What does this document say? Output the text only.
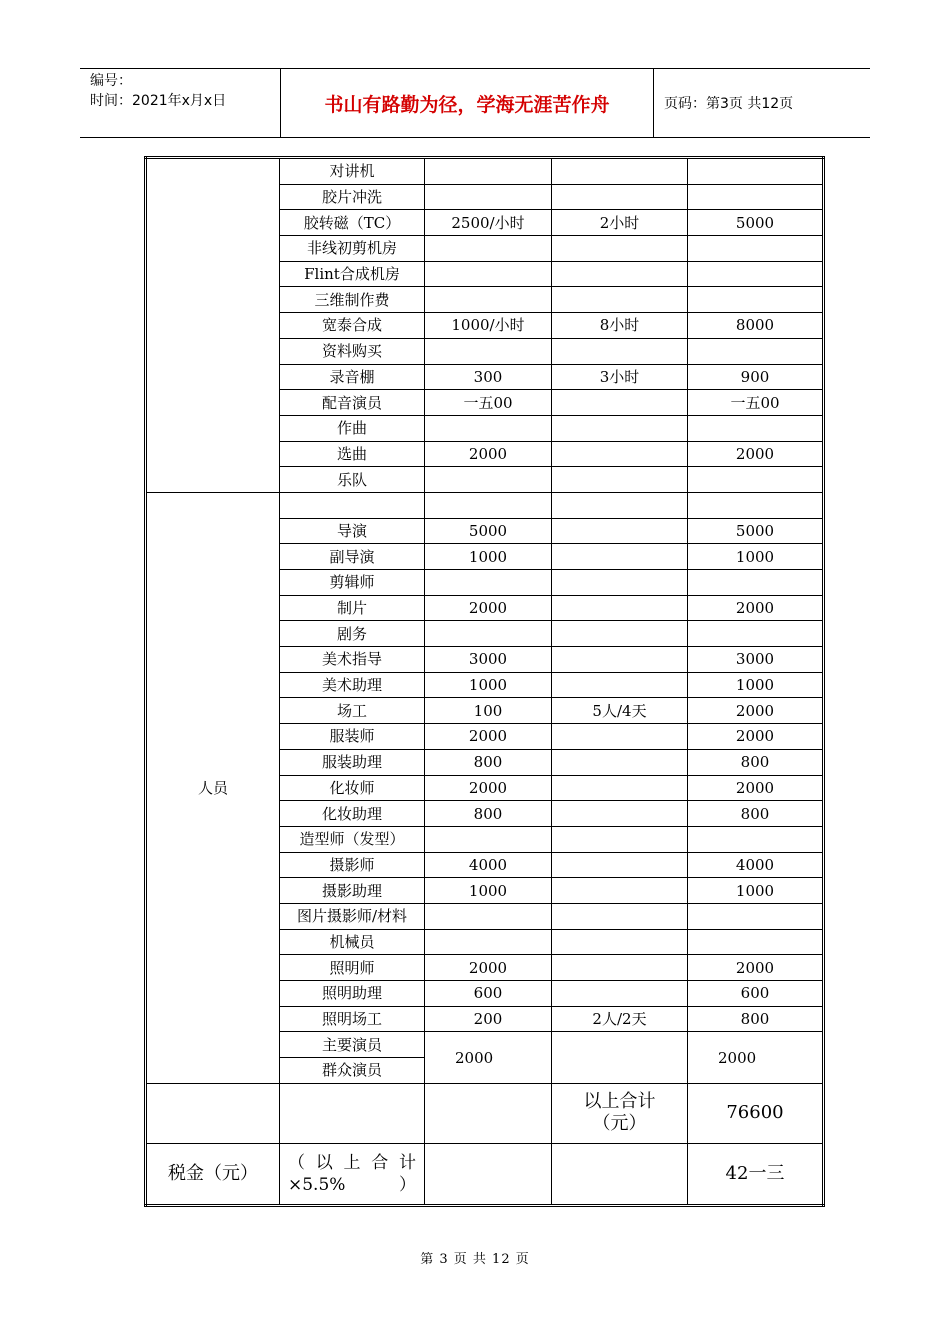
编号：
时间：2021年x月x日	书山有路勤为径，学海无涯苦作舟	页码：第3页 共12页
	对讲机			
	胶片冲洗			
	胶转磁（TC）	2500/小时	2小时	5000
	非线初剪机房			
	Flint合成机房			
	三维制作费			
	宽泰合成	1000/小时	8小时	8000
	资料购买			
	录音棚	300	3小时	900
	配音演员	一五00		一五00
	作曲			
	选曲	2000		2000
	乐队			
人员				
	导演	5000		5000
	副导演	1000		1000
	剪辑师			
	制片	2000		2000
	剧务			
	美术指导	3000		3000
	美术助理	1000		1000
	场工	100	5人/4天	2000
	服装师	2000		2000
	服装助理	800		800
	化妆师	2000		2000
	化妆助理	800		800
	造型师（发型）			
	摄影师	4000		4000
	摄影助理	1000		1000
	图片摄影师/材料			
	机械员			
	照明师	2000		2000
	照明助理	600		600
	照明场工	200	2人/2天	800
	主要演员	2000		2000
	群众演员			
			以上合计（元）	76600
税金（元）	（以上合计×5.5%）			42一三
第 3 页 共 12 页
